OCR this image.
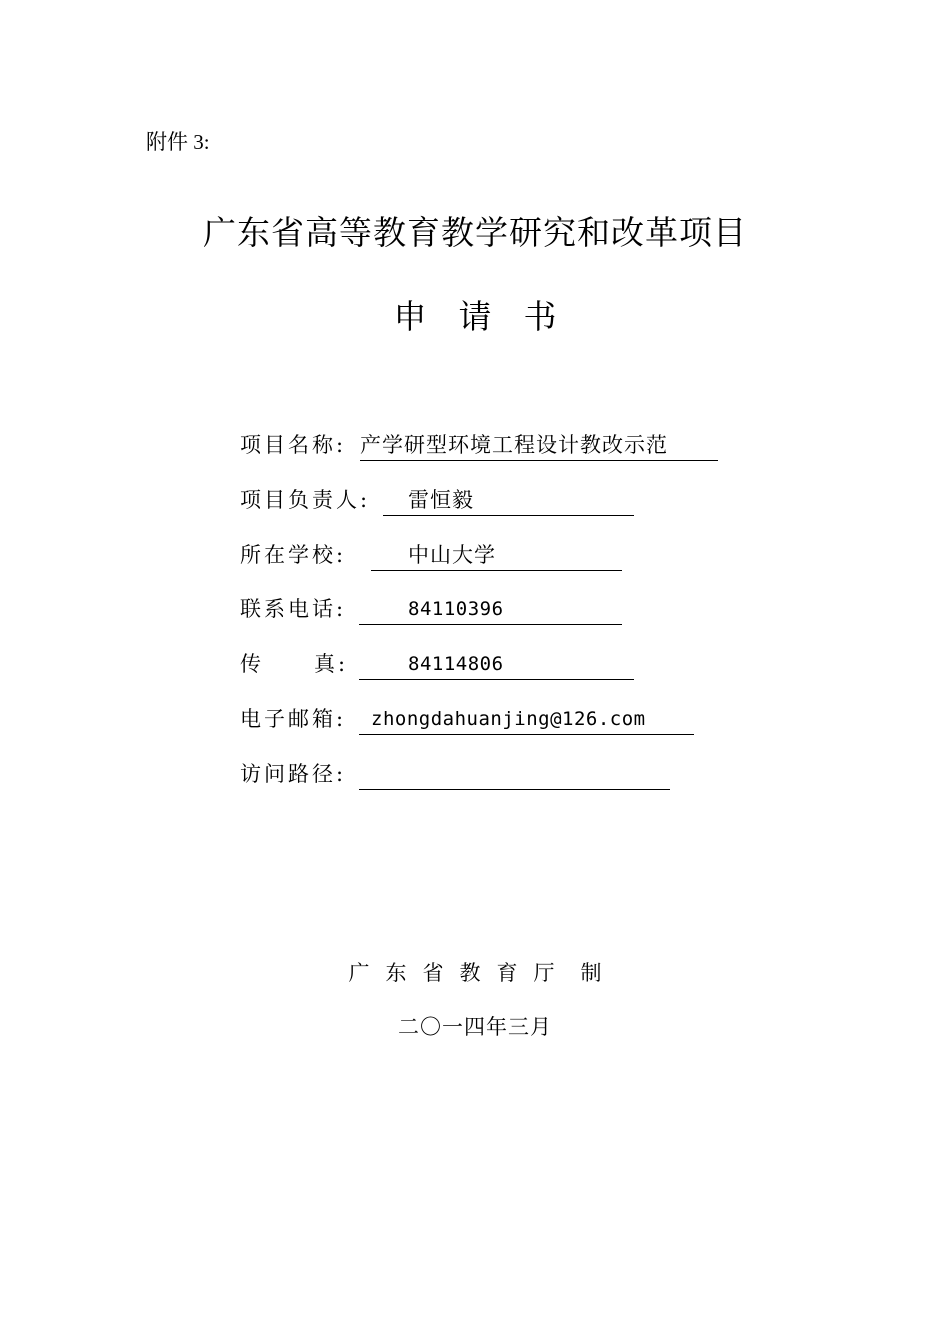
附件 3:
广东省高等教育教学研究和改革项目
申 请 书
项目名称: 产学研型环境工程设计教改示范
项目负责人: 雷恒毅
所在学校:	中山大学
联系电话:	84110396
传	真 :	84114806
电子邮箱: zhongdahuanjing@126.com
访问路径:
广 东 省 教 育 厅 制
二〇一四年三月
